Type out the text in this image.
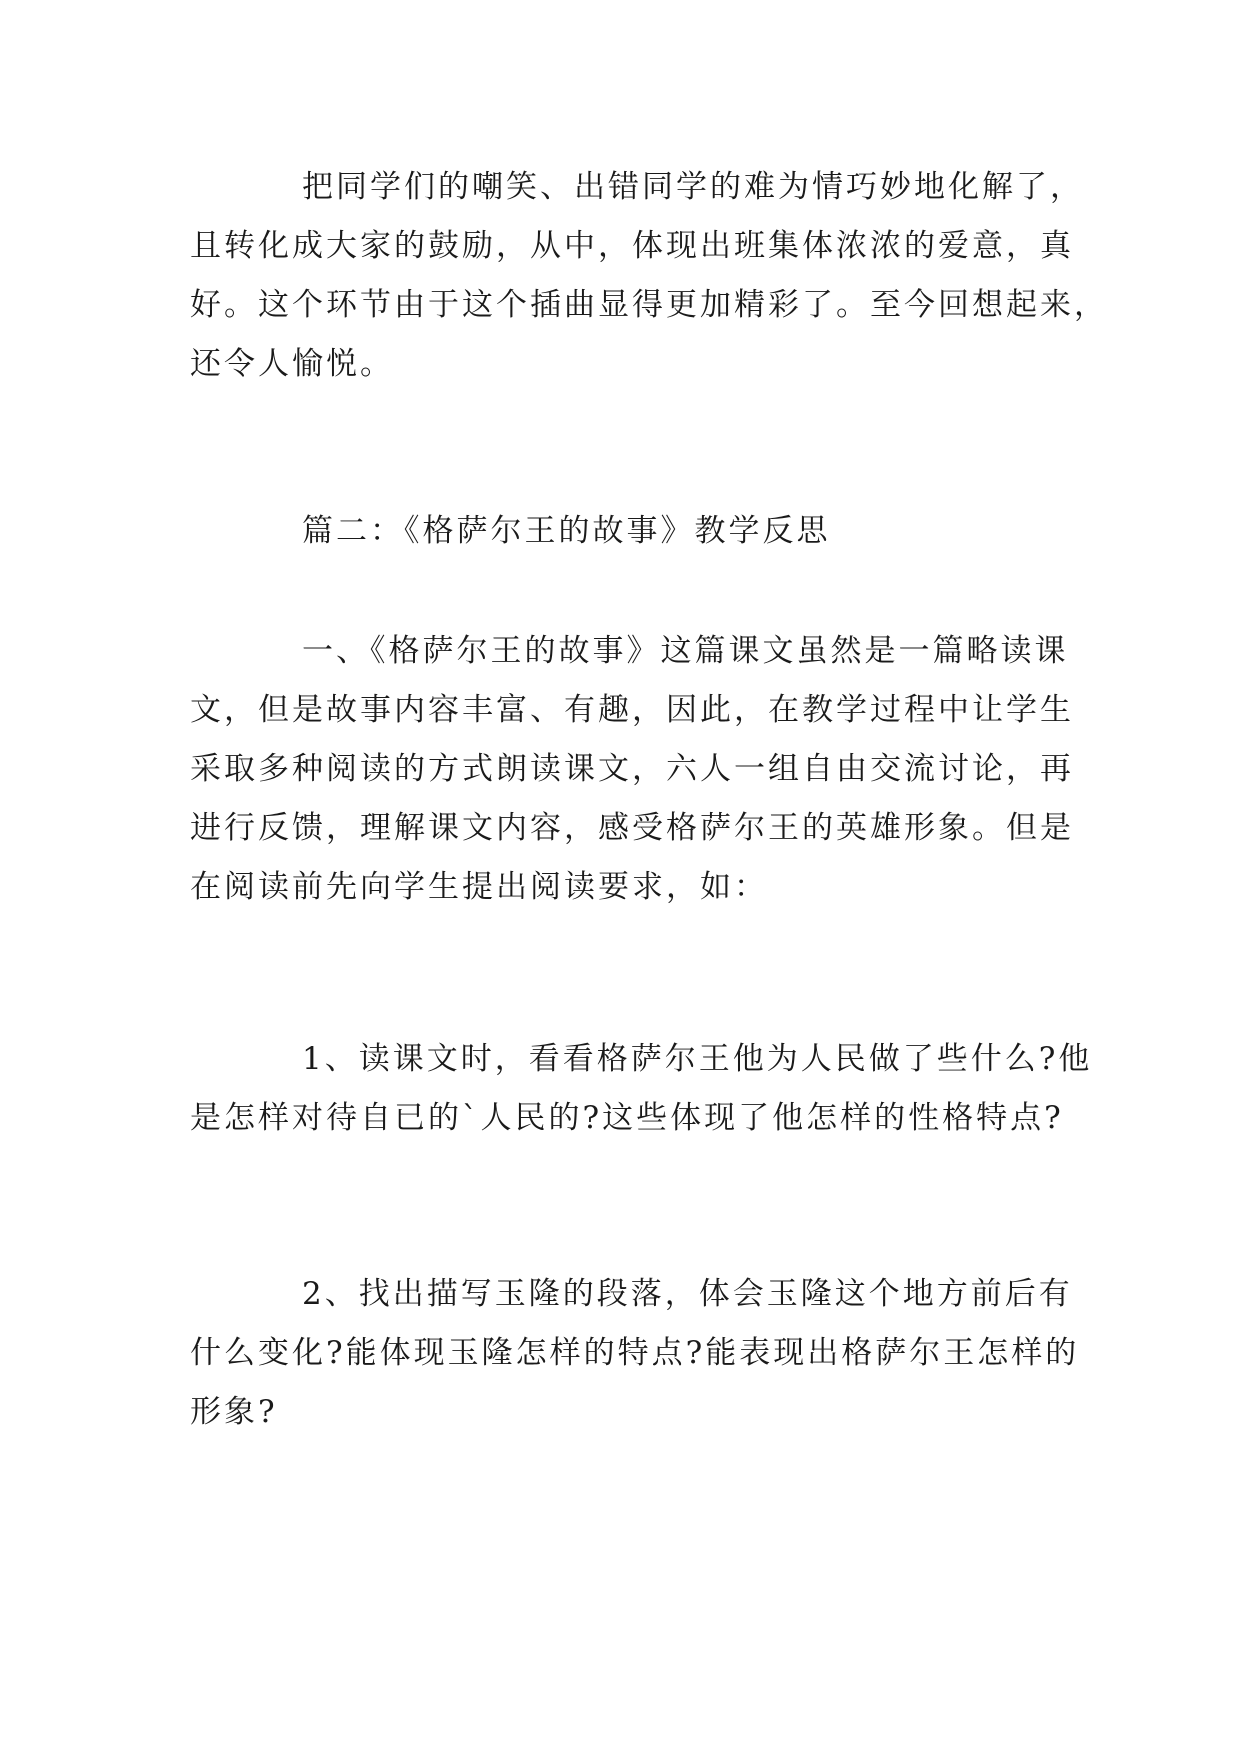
把同学们的嘲笑、出错同学的难为情巧妙地化解了，
且转化成大家的鼓励，从中，体现出班集体浓浓的爱意，真
好。这个环节由于这个插曲显得更加精彩了。至今回想起来，
还令人愉悦。

篇二：《格萨尔王的故事》教学反思

一、《格萨尔王的故事》这篇课文虽然是一篇略读课
文，但是故事内容丰富、有趣，因此，在教学过程中让学生
采取多种阅读的方式朗读课文，六人一组自由交流讨论，再
进行反馈，理解课文内容，感受格萨尔王的英雄形象。但是
在阅读前先向学生提出阅读要求，如：

1、读课文时，看看格萨尔王他为人民做了些什么?他
是怎样对待自已的`人民的?这些体现了他怎样的性格特点?

2、找出描写玉隆的段落，体会玉隆这个地方前后有
什么变化?能体现玉隆怎样的特点?能表现出格萨尔王怎样的
形象?
